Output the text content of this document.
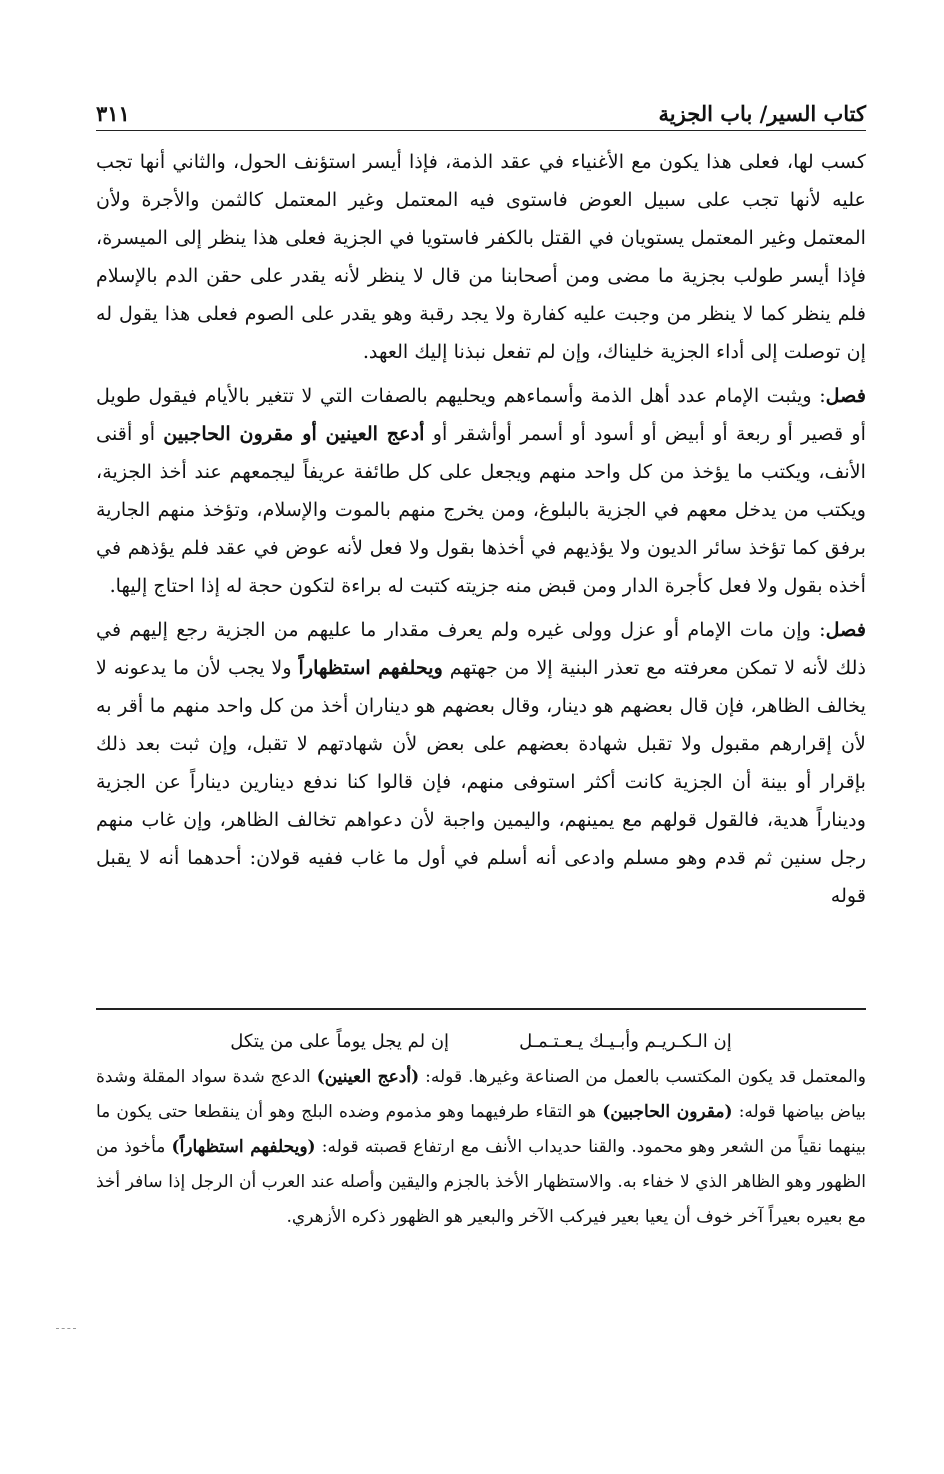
كتاب السير/ باب الجزية
٣١١

كسب لها، فعلى هذا يكون مع الأغنياء في عقد الذمة، فإذا أيسر استؤنف الحول، والثاني أنها تجب عليه لأنها تجب على سبيل العوض فاستوى فيه المعتمل وغير المعتمل كالثمن والأجرة ولأن المعتمل وغير المعتمل يستويان في القتل بالكفر فاستويا في الجزية فعلى هذا ينظر إلى الميسرة، فإذا أيسر طولب بجزية ما مضى ومن أصحابنا من قال لا ينظر لأنه يقدر على حقن الدم بالإسلام فلم ينظر كما لا ينظر من وجبت عليه كفارة ولا يجد رقبة وهو يقدر على الصوم فعلى هذا يقول له إن توصلت إلى أداء الجزية خليناك، وإن لم تفعل نبذنا إليك العهد.

فصل: ويثبت الإمام عدد أهل الذمة وأسماءهم ويحليهم بالصفات التي لا تتغير بالأيام فيقول طويل أو قصير أو ربعة أو أبيض أو أسود أو أسمر أوأشقر أو أدعج العينين أو مقرون الحاجبين أو أقنى الأنف، ويكتب ما يؤخذ من كل واحد منهم ويجعل على كل طائفة عريفاً ليجمعهم عند أخذ الجزية، ويكتب من يدخل معهم في الجزية بالبلوغ، ومن يخرج منهم بالموت والإسلام، وتؤخذ منهم الجارية برفق كما تؤخذ سائر الديون ولا يؤذيهم في أخذها بقول ولا فعل لأنه عوض في عقد فلم يؤذهم في أخذه بقول ولا فعل كأجرة الدار ومن قبض منه جزيته كتبت له براءة لتكون حجة له إذا احتاج إليها.

فصل: وإن مات الإمام أو عزل وولى غيره ولم يعرف مقدار ما عليهم من الجزية رجع إليهم في ذلك لأنه لا تمكن معرفته مع تعذر البنية إلا من جهتهم ويحلفهم استظهاراً ولا يجب لأن ما يدعونه لا يخالف الظاهر، فإن قال بعضهم هو دينار، وقال بعضهم هو ديناران أخذ من كل واحد منهم ما أقر به لأن إقرارهم مقبول ولا تقبل شهادة بعضهم على بعض لأن شهادتهم لا تقبل، وإن ثبت بعد ذلك بإقرار أو بينة أن الجزية كانت أكثر استوفى منهم، فإن قالوا كنا ندفع دينارين ديناراً عن الجزية وديناراً هدية، فالقول قولهم مع يمينهم، واليمين واجبة لأن دعواهم تخالف الظاهر، وإن غاب منهم رجل سنين ثم قدم وهو مسلم وادعى أنه أسلم في أول ما غاب ففيه قولان: أحدهما أنه لا يقبل قوله

إن الـكـريـم وأبـيـك يـعـتـمـل
إن لم يجل يوماً على من يتكل

والمعتمل قد يكون المكتسب بالعمل من الصناعة وغيرها. قوله: (أدعج العينين) الدعج شدة سواد المقلة وشدة بياض بياضها قوله: (مقرون الحاجبين) هو التقاء طرفيهما وهو مذموم وضده البلج وهو أن ينقطعا حتى يكون ما بينهما نقياً من الشعر وهو محمود. والقنا حديداب الأنف مع ارتفاع قصبته قوله: (ويحلفهم استظهاراً) مأخوذ من الظهور وهو الظاهر الذي لا خفاء به. والاستظهار الأخذ بالجزم واليقين وأصله عند العرب أن الرجل إذا سافر أخذ مع بعيره بعيراً آخر خوف أن يعيا بعير فيركب الآخر والبعير هو الظهور ذكره الأزهري.
